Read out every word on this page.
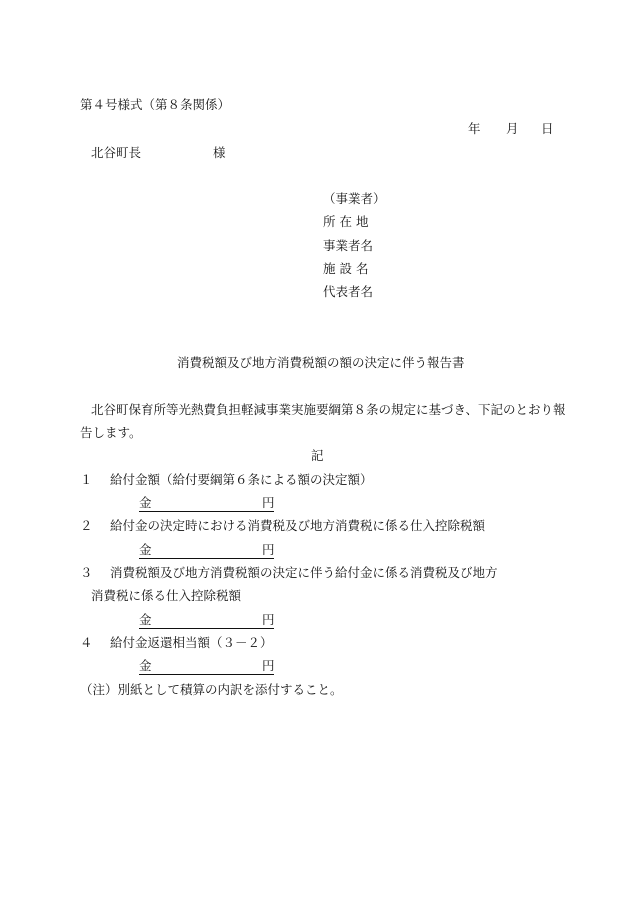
第４号様式（第８条関係）
年 月 日
北谷町長	様
（事業者）
所 在 地
事業者名
施 設 名
代表者名
消費税額及び地方消費税額の額の決定に伴う報告書
北谷町保育所等光熱費負担軽減事業実施要綱第８条の規定に基づき、下記のとおり報
告します。
記
１ 給付金額（給付要綱第６条による額の決定額）
金	円
２ 給付金の決定時における消費税及び地方消費税に係る仕入控除税額
金	円
３ 消費税額及び地方消費税額の決定に伴う給付金に係る消費税及び地方
消費税に係る仕入控除税額
金	円
４ 給付金返還相当額（３－２）
金	円
（注）別紙として積算の内訳を添付すること。
